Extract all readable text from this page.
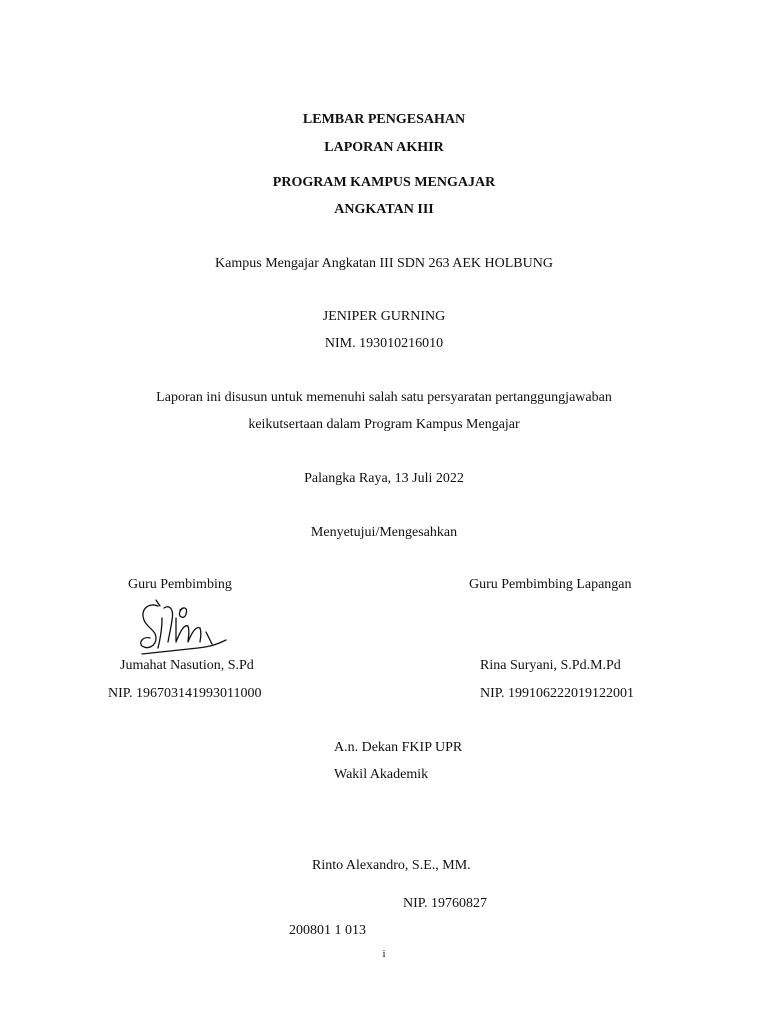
LEMBAR PENGESAHAN
LAPORAN AKHIR
PROGRAM KAMPUS MENGAJAR
ANGKATAN III
Kampus Mengajar Angkatan III SDN 263 AEK HOLBUNG
JENIPER GURNING
NIM. 193010216010
Laporan ini disusun untuk memenuhi salah satu persyaratan pertanggungjawaban
keikutsertaan dalam Program Kampus Mengajar
Palangka Raya, 13 Juli 2022
Menyetujui/Mengesahkan
Guru Pembimbing	Guru Pembimbing Lapangan
Jumahat Nasution, S.Pd	Rina Suryani, S.Pd.M.Pd
NIP. 196703141993011000	NIP. 199106222019122001
A.n. Dekan FKIP UPR
Wakil Akademik
Rinto Alexandro, S.E., MM.
NIP. 19760827
200801 1 013
i
